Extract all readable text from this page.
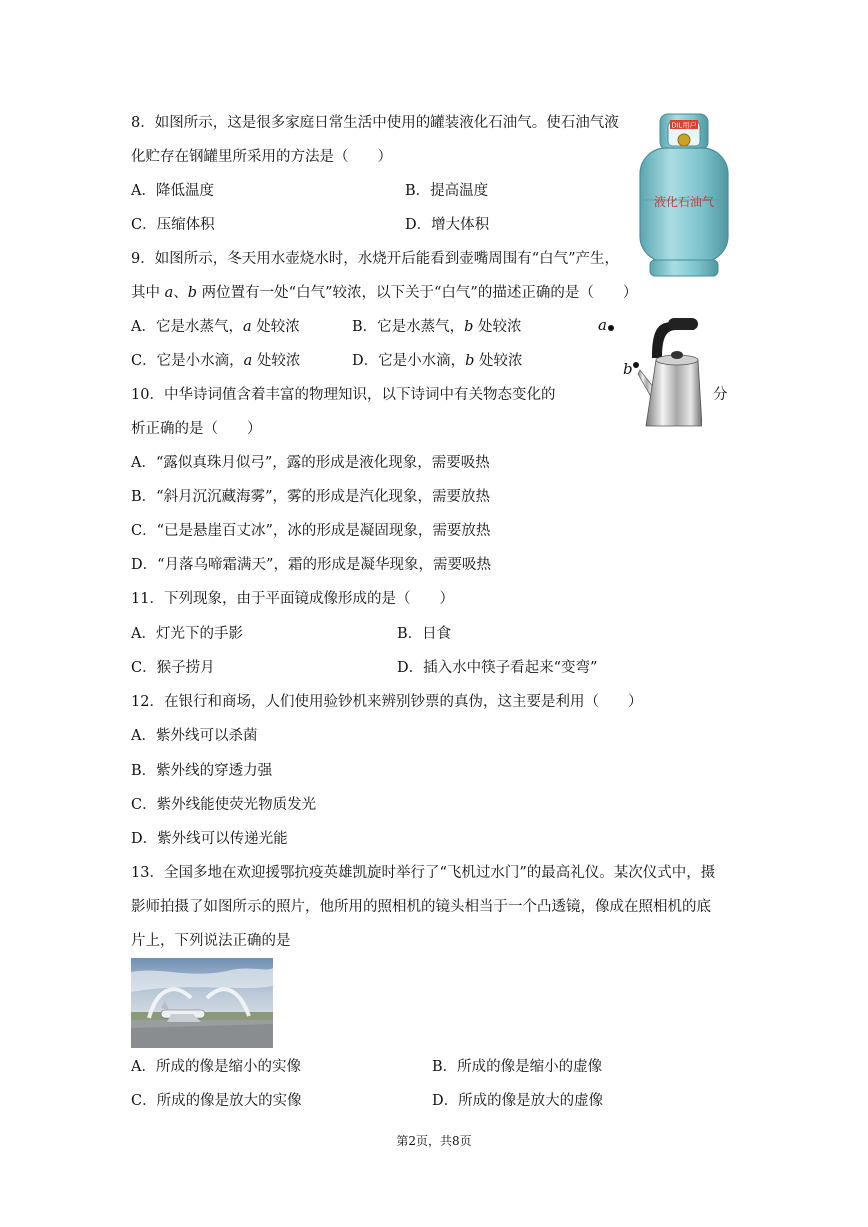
8．如图所示，这是很多家庭日常生活中使用的罐装液化石油气。使石油气液
化贮存在钢罐里所采用的方法是（　　）
A．降低温度	B．提高温度
C．压缩体积	D．增大体积
DIL用户
液化石油气
9．如图所示，冬天用水壶烧水时，水烧开后能看到壶嘴周围有“白气”产生，
其中 a、b 两位置有一处“白气”较浓，以下关于“白气”的描述正确的是（　　）
A．它是水蒸气，a 处较浓	B．它是水蒸气，b 处较浓
C．它是小水滴，a 处较浓	D．它是小水滴，b 处较浓
a
b
10．中华诗词值含着丰富的物理知识，以下诗词中有关物态变化的	分
析正确的是（　　）
A．“露似真珠月似弓”，露的形成是液化现象，需要吸热
B．“斜月沉沉藏海雾”，雾的形成是汽化现象，需要放热
C．“已是悬崖百丈冰”，冰的形成是凝固现象，需要放热
D．“月落乌啼霜满天”，霜的形成是凝华现象，需要吸热
11．下列现象，由于平面镜成像形成的是（　　）
A．灯光下的手影	B．日食
C．猴子捞月	D．插入水中筷子看起来“变弯”
12．在银行和商场，人们使用验钞机来辨别钞票的真伪，这主要是利用（　　）
A．紫外线可以杀菌
B．紫外线的穿透力强
C．紫外线能使荧光物质发光
D．紫外线可以传递光能
13．全国多地在欢迎援鄂抗疫英雄凯旋时举行了“飞机过水门”的最高礼仪。某次仪式中，摄
影师拍摄了如图所示的照片，他所用的照相机的镜头相当于一个凸透镜，像成在照相机的底
片上，下列说法正确的是
A．所成的像是缩小的实像	B．所成的像是缩小的虚像
C．所成的像是放大的实像	D．所成的像是放大的虚像
第2页，共8页
